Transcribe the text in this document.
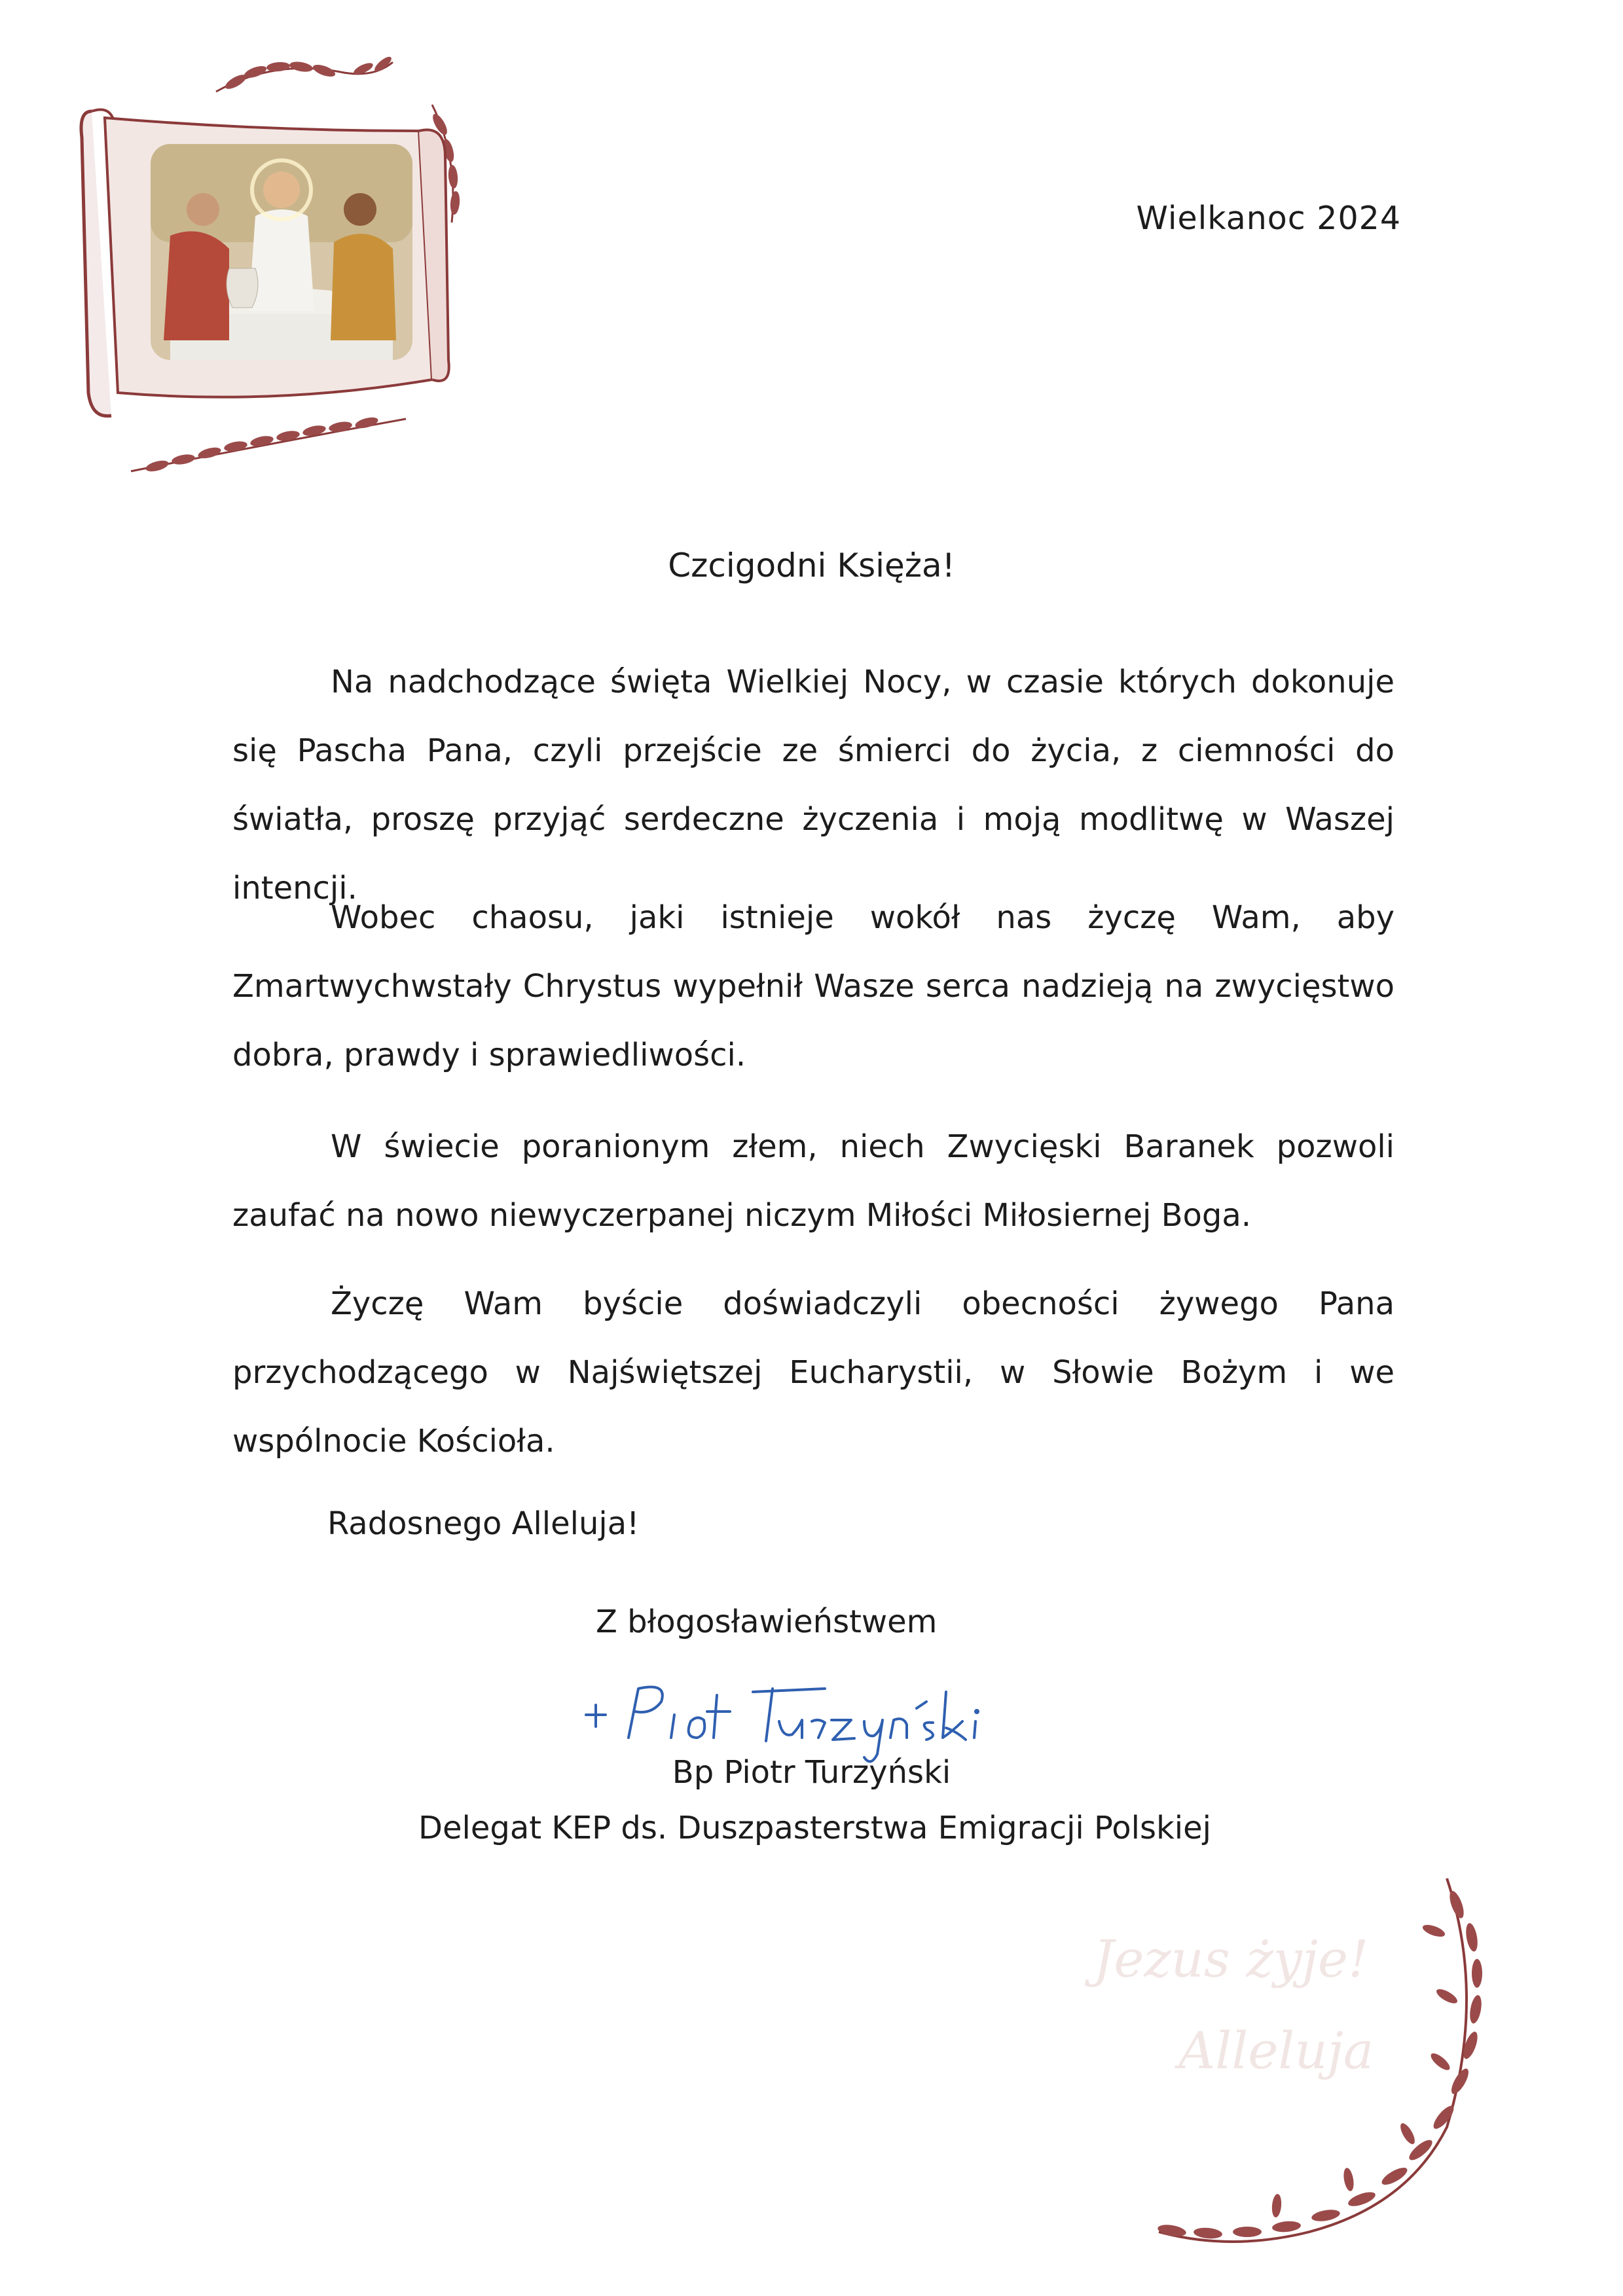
Wielkanoc 2024
Czcigodni Księża!

Na nadchodzące święta Wielkiej Nocy, w czasie których dokonuje się Pascha Pana, czyli przejście ze śmierci do życia, z ciemności do światła, proszę przyjąć serdeczne życzenia i moją modlitwę w Waszej intencji.

Wobec chaosu, jaki istnieje wokół nas życzę Wam, aby Zmartwychwstały Chrystus wypełnił Wasze serca nadzieją na zwycięstwo dobra, prawdy i sprawiedliwości.

W świecie poranionym złem, niech Zwycięski Baranek pozwoli zaufać na nowo niewyczerpanej niczym Miłości Miłosiernej Boga.

Życzę Wam byście doświadczyli obecności żywego Pana przychodzącego w Najświętszej Eucharystii, w Słowie Bożym i we wspólnocie Kościoła.

Radosnego Alleluja!
Z błogosławieństwem
Bp Piotr Turzyński
Delegat KEP ds. Duszpasterstwa Emigracji Polskiej
Jezus żyje!
Alleluja
